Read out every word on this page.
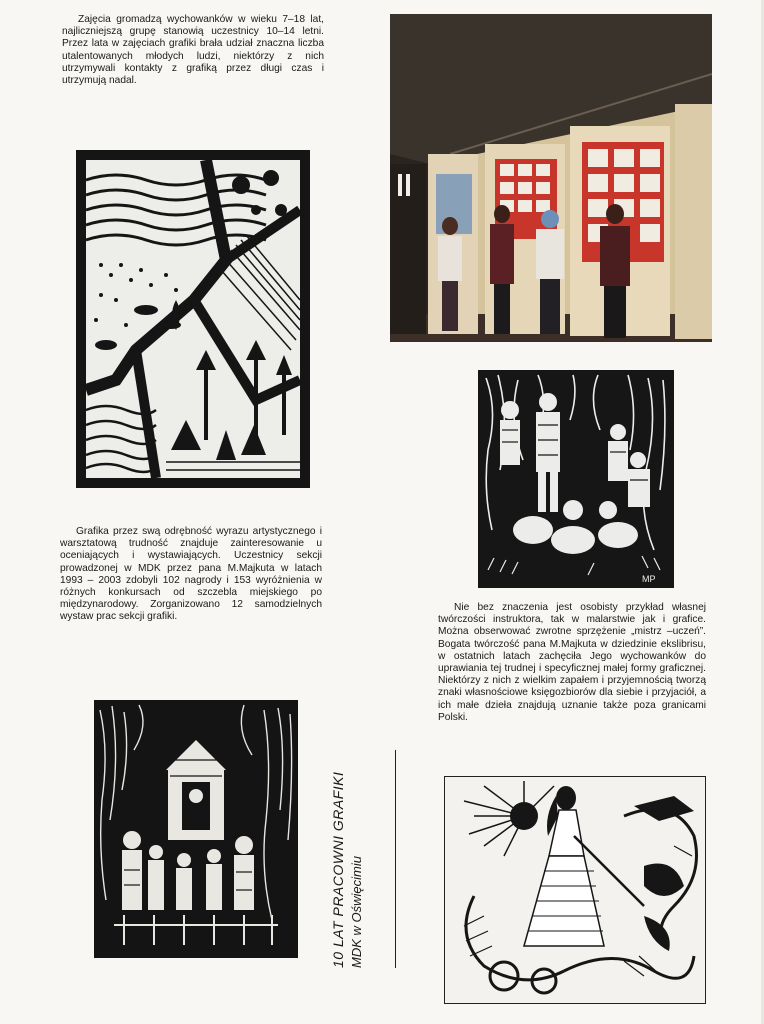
Zajęcia gromadzą wychowanków w wieku 7–18 lat, najliczniejszą grupę stanowią uczestnicy 10–14 letni. Przez lata w zajęciach grafiki brała udział znaczna liczba utalentowanych młodych ludzi, niektórzy z nich utrzymywali kontakty z grafiką przez długi czas i utrzymują nadal.

MP

Grafika przez swą odrębność wyrazu artystycznego i warsztatową trudność znajduje zainteresowanie u oceniających i wystawiających. Uczestnicy sekcji prowadzonej w MDK przez pana M.Majkuta w latach 1993 – 2003 zdobyli 102 nagrody i 153 wyróżnienia w różnych konkursach od szczebla miejskiego po międzynarodowy. Zorganizowano 12 samodzielnych wystaw prac sekcji grafiki.

Nie bez znaczenia jest osobisty przykład własnej twórczości instruktora, tak w malarstwie jak i grafice. Można obserwować zwrotne sprzężenie „mistrz –uczeń”. Bogata twórczość pana M.Majkuta w dziedzinie ekslibrisu, w ostatnich latach zachęciła Jego wychowanków do uprawiania tej trudnej i specyficznej małej formy graficznej. Niektórzy z nich z wielkim zapałem i przyjemnością tworzą znaki własnościowe księgozbiorów dla siebie i przyjaciół, a ich małe dzieła znajdują uznanie także poza granicami Polski.

10 LAT PRACOWNI GRAFIKI MDK w Oświęcimiu
